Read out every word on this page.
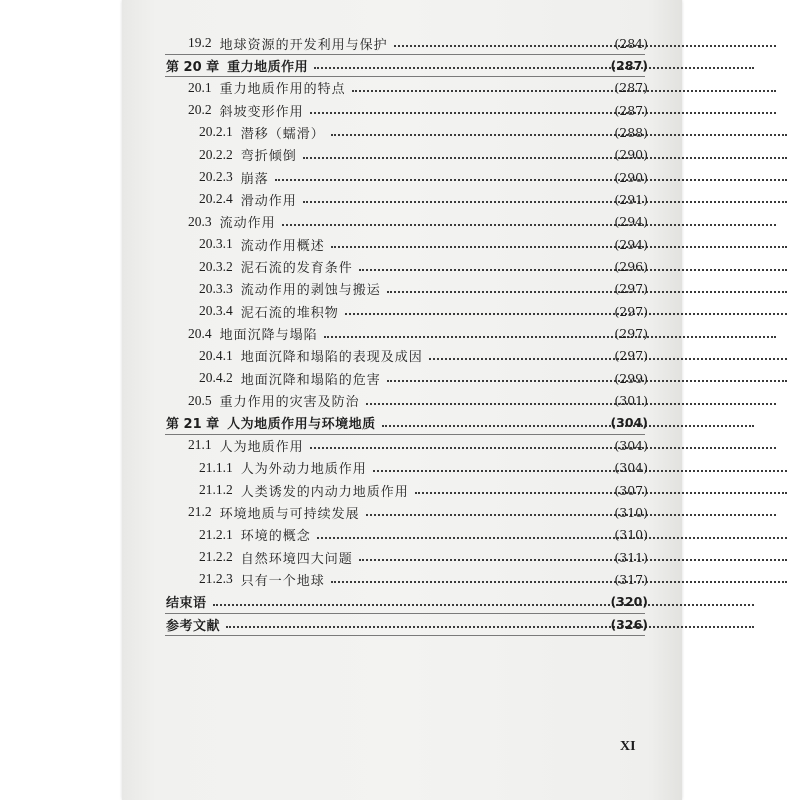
19.2 地球资源的开发利用与保护	(284)
第 20 章 重力地质作用	(287)
20.1 重力地质作用的特点	(287)
20.2 斜坡变形作用	(287)
20.2.1 潜移（蠕滑）	(288)
20.2.2 弯折倾倒	(290)
20.2.3 崩落	(290)
20.2.4 滑动作用	(291)
20.3 流动作用	(294)
20.3.1 流动作用概述	(294)
20.3.2 泥石流的发育条件	(296)
20.3.3 流动作用的剥蚀与搬运	(297)
20.3.4 泥石流的堆积物	(297)
20.4 地面沉降与塌陷	(297)
20.4.1 地面沉降和塌陷的表现及成因	(297)
20.4.2 地面沉降和塌陷的危害	(299)
20.5 重力作用的灾害及防治	(301)
第 21 章 人为地质作用与环境地质	(304)
21.1 人为地质作用	(304)
21.1.1 人为外动力地质作用	(304)
21.1.2 人类诱发的内动力地质作用	(307)
21.2 环境地质与可持续发展	(310)
21.2.1 环境的概念	(310)
21.2.2 自然环境四大问题	(311)
21.2.3 只有一个地球	(317)
结束语	(320)
参考文献	(326)
XI
